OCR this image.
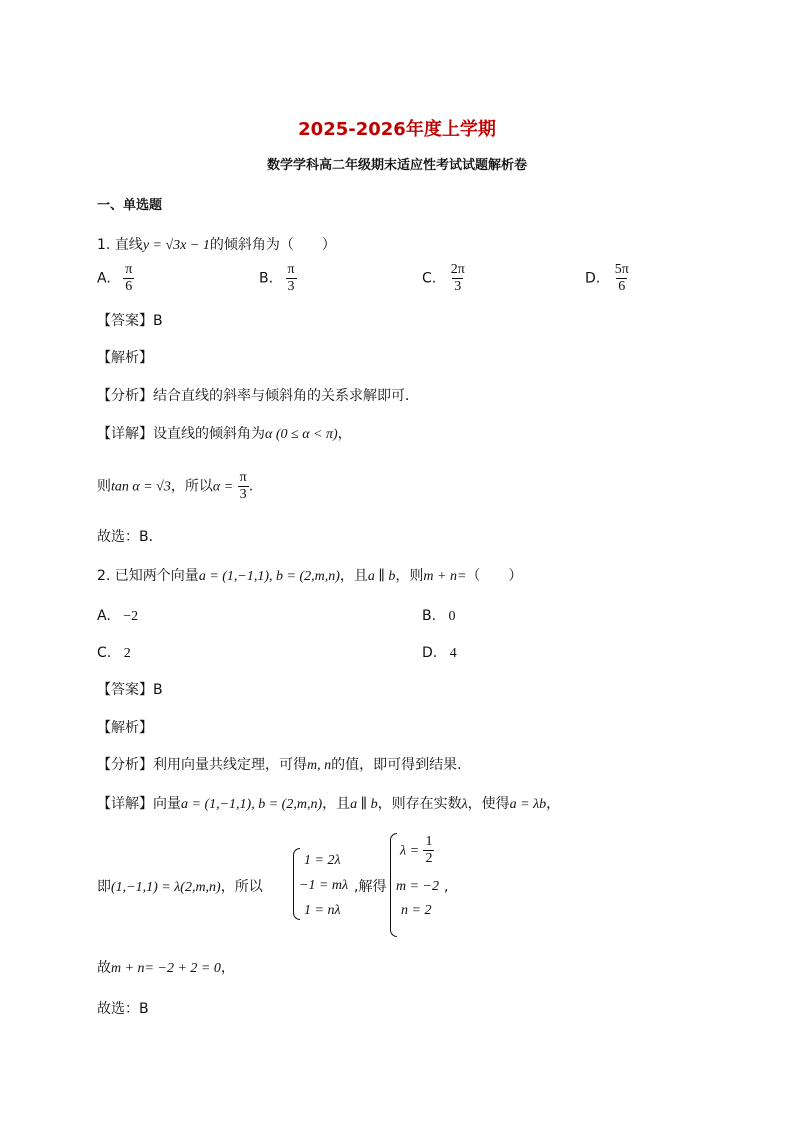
2025-2026年度上学期
数学学科高二年级期末适应性考试试题解析卷
一、单选题
1. 直线y = √3x − 1的倾斜角为（　　）
A. $\frac{\pi}{6}$	B. $\frac{\pi}{3}$	C. $\frac{2\pi}{3}$	D. $\frac{5\pi}{6}$
【答案】B
【解析】
【分析】结合直线的斜率与倾斜角的关系求解即可．
【详解】设直线的倾斜角为α (0 ≤ α < π)，
则tan α = √3，所以$\alpha = \frac{\pi}{3}$ .
故选：B．
2. 已知两个向量a = (1,−1,1), b = (2,m,n)，且a ∥ b，则m + n=（　　）
A. −2	B. 0
C. 2	D. 4
【答案】B
【解析】
【分析】利用向量共线定理，可得m, n的值，即可得到结果.
【详解】向量a = (1,−1,1), b = (2,m,n)，且a ∥ b，则存在实数λ，使得a = λb，
即(1,−1,1) = λ(2,m,n)，所以
1 = 2λ
−1 = mλ
1 = nλ
,解得
$\lambda = \frac{1}{2}$
m = −2
n = 2
,
故m + n= −2 + 2 = 0，
故选：B
